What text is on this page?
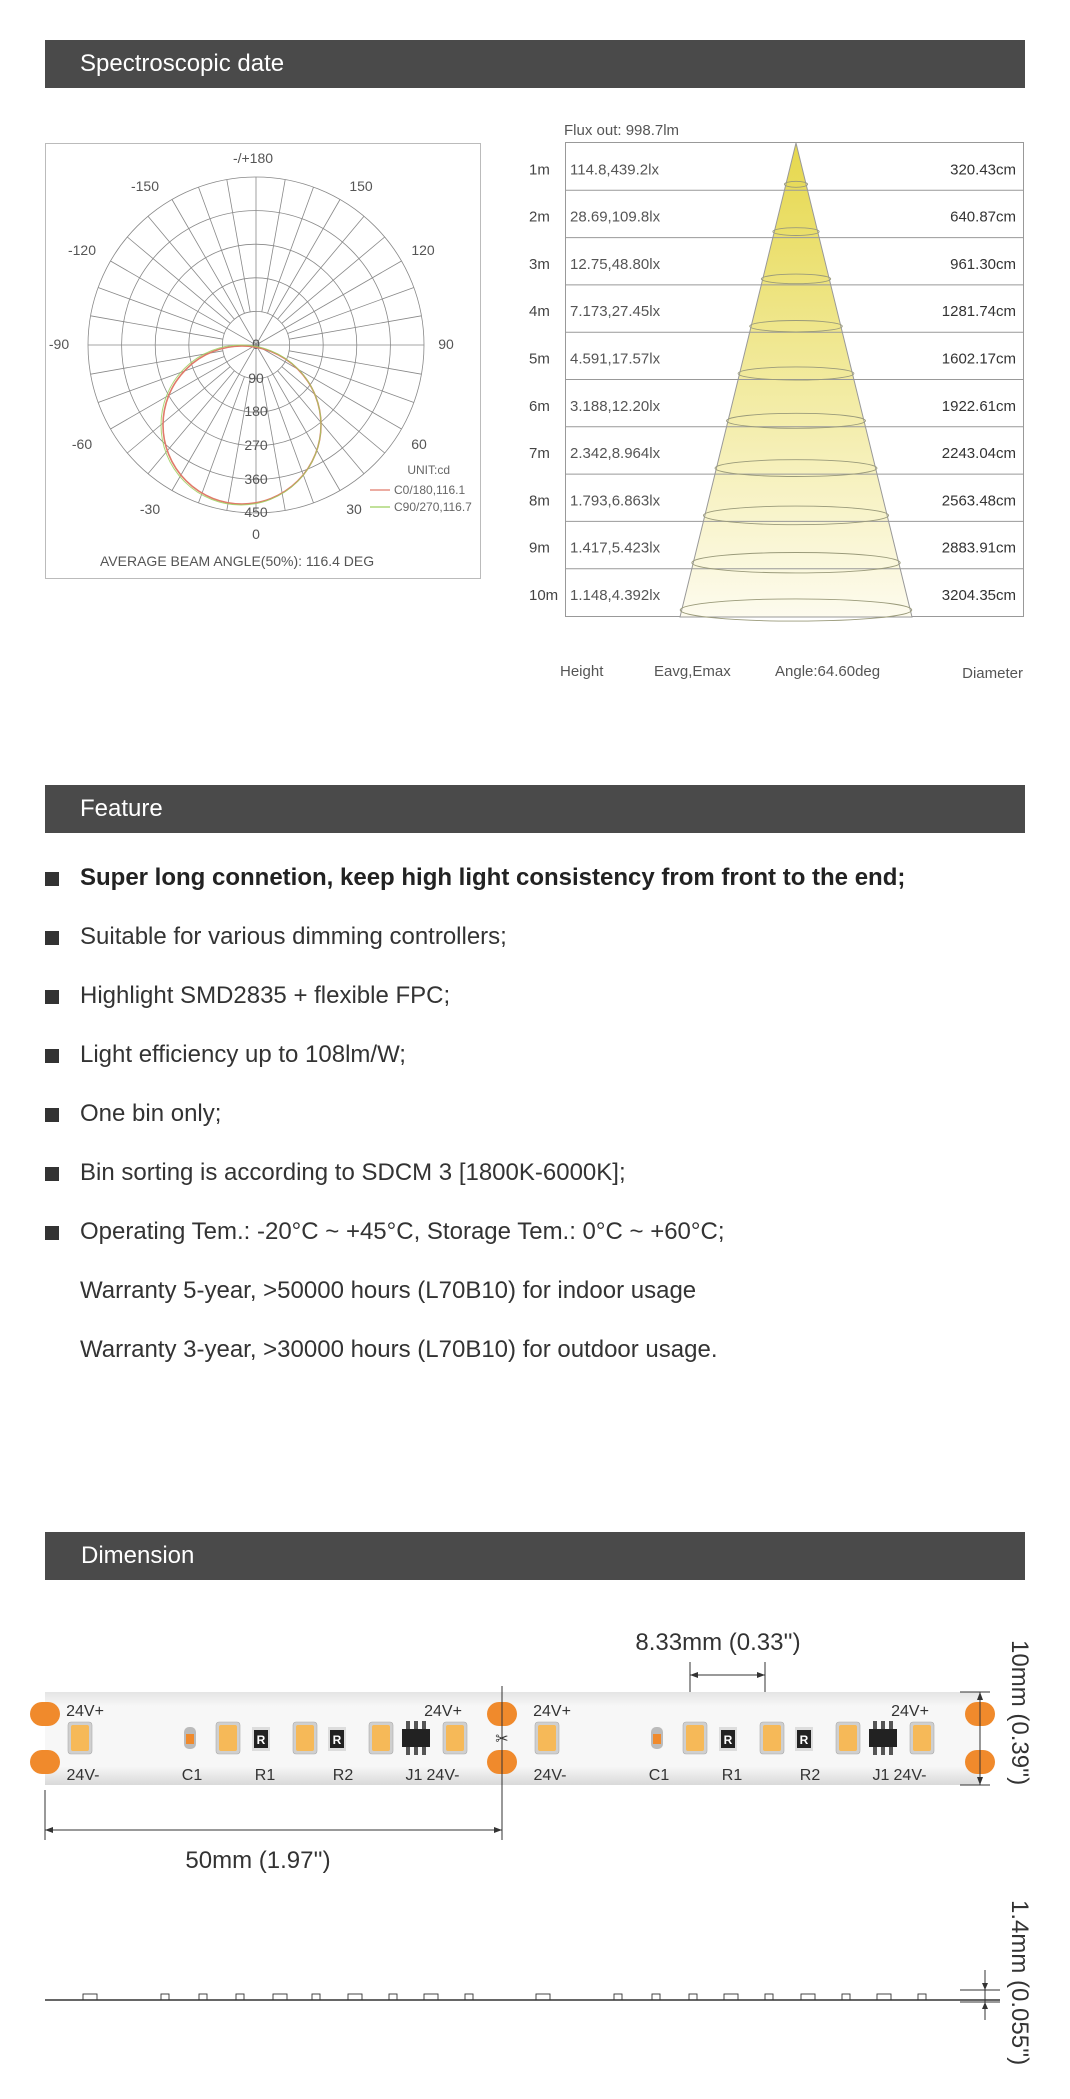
Spectroscopic date
-/+180
-150	150
-120	120
-90	90
-60	60
-30	30
0
0
90
180
270
360
450
UNIT:cd
C0/180,116.1
C90/270,116.7
AVERAGE BEAM ANGLE(50%): 116.4 DEG
Flux out: 998.7lm
1m 114.8,439.2lx	320.43cm
2m 28.69,109.8lx	640.87cm
3m 12.75,48.80lx	961.30cm
4m 7.173,27.45lx	1281.74cm
5m 4.591,17.57lx	1602.17cm
6m 3.188,12.20lx	1922.61cm
7m 2.342,8.964lx	2243.04cm
8m 1.793,6.863lx	2563.48cm
9m 1.417,5.423lx	2883.91cm
10m 1.148,4.392lx	3204.35cm
Height	Eavg,Emax	Angle:64.60deg	Diameter
Feature
Super long connetion, keep high light consistency from front to the end;
Suitable for various dimming controllers;
Highlight SMD2835 + flexible FPC;
Light efficiency up to 108lm/W;
One bin only;
Bin sorting is according to SDCM 3 [1800K-6000K];
Operating Tem.: -20°C ~ +45°C, Storage Tem.: 0°C ~ +60°C;
Warranty 5-year, >50000 hours (L70B10) for indoor usage
Warranty 3-year, >30000 hours (L70B10) for outdoor usage.
Dimension
8.33mm (0.33'')
24V+
24V-
R	R
C1	R1	R2	J1 24V-
24V+	24V+
24V-
R	R
C1	R1	R2	J1 24V-
24V+
✂	10mm (0.39'')
50mm (1.97'')
1.4mm (0.055'')
